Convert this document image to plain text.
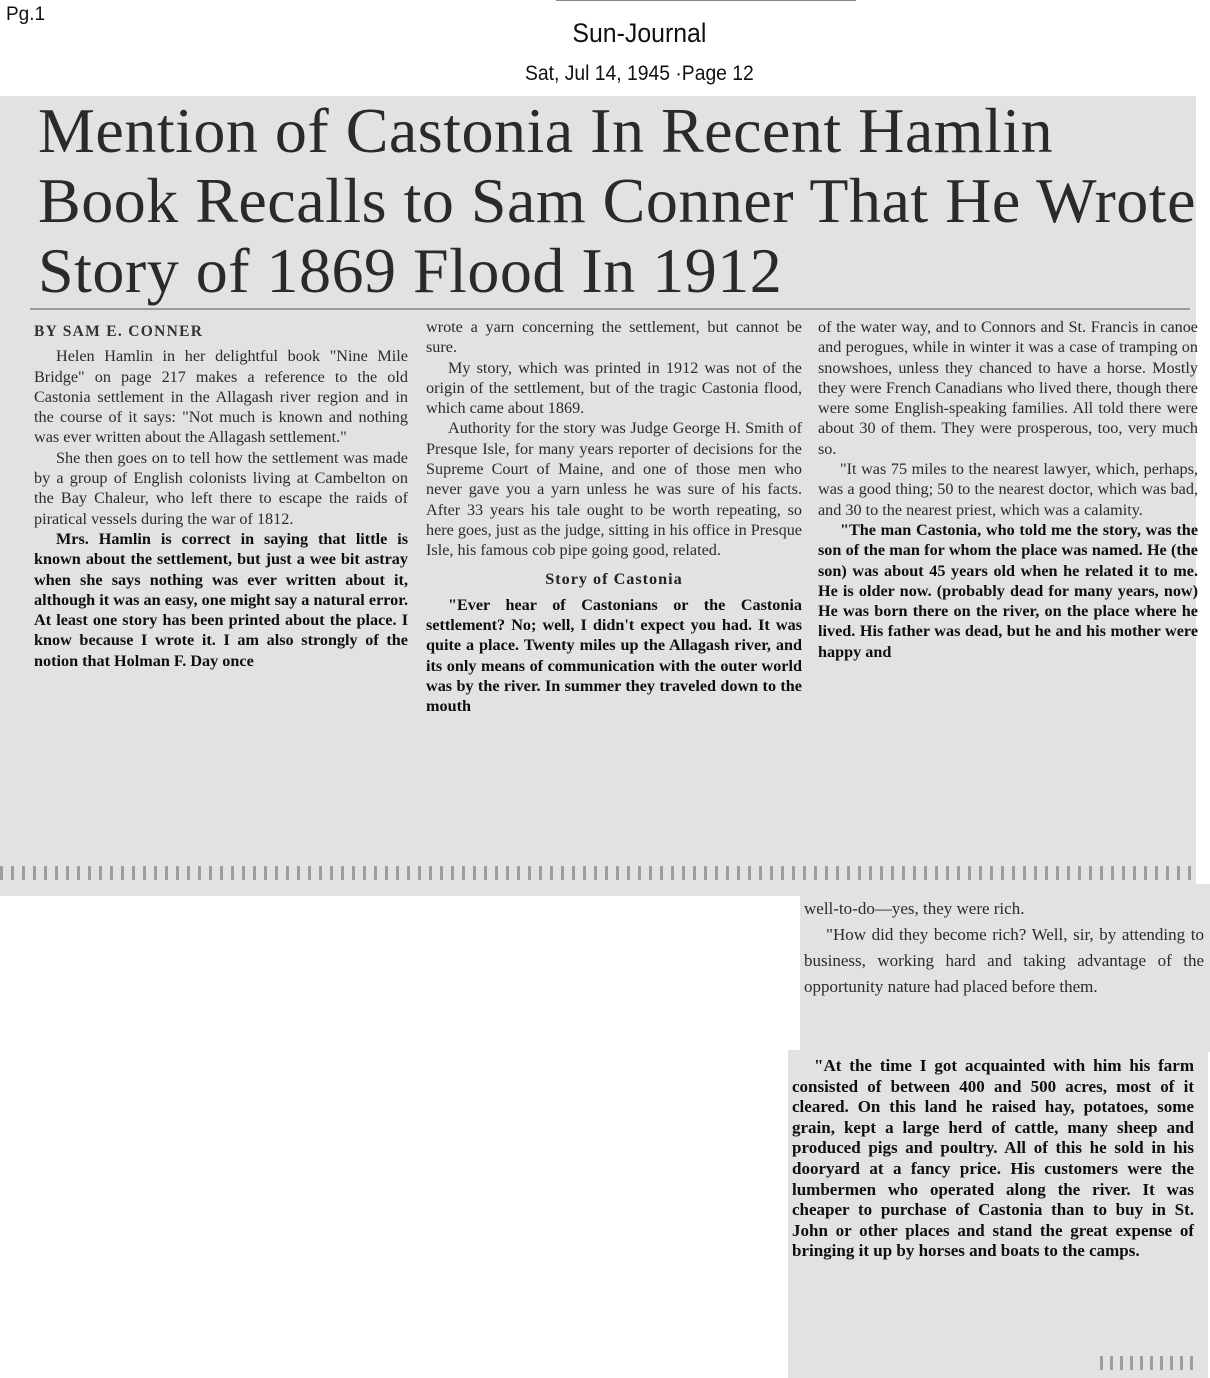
Pg.1
Sun-Journal
Sat, Jul 14, 1945 ·Page 12
Mention of Castonia In Recent Hamlin Book Recalls to Sam Conner That He Wrote Story of 1869 Flood In 1912

BY SAM E. CONNER

Helen Hamlin in her delightful book "Nine Mile Bridge" on page 217 makes a reference to the old Castonia settlement in the Allagash river region and in the course of it says: "Not much is known and nothing was ever written about the Allagash settlement."

She then goes on to tell how the settlement was made by a group of English colonists living at Cambelton on the Bay Chaleur, who left there to escape the raids of piratical vessels during the war of 1812.

Mrs. Hamlin is correct in saying that little is known about the settlement, but just a wee bit astray when she says nothing was ever written about it, although it was an easy, one might say a natural error. At least one story has been printed about the place. I know because I wrote it. I am also strongly of the notion that Holman F. Day once

wrote a yarn concerning the settlement, but cannot be sure.

My story, which was printed in 1912 was not of the origin of the settlement, but of the tragic Castonia flood, which came about 1869.

Authority for the story was Judge George H. Smith of Presque Isle, for many years reporter of decisions for the Supreme Court of Maine, and one of those men who never gave you a yarn unless he was sure of his facts. After 33 years his tale ought to be worth repeating, so here goes, just as the judge, sitting in his office in Presque Isle, his famous cob pipe going good, related.

Story of Castonia

"Ever hear of Castonians or the Castonia settlement? No; well, I didn't expect you had. It was quite a place. Twenty miles up the Allagash river, and its only means of communication with the outer world was by the river. In summer they traveled down to the mouth

of the water way, and to Connors and St. Francis in canoe and perogues, while in winter it was a case of tramping on snowshoes, unless they chanced to have a horse. Mostly they were French Canadians who lived there, though there were some English-speaking families. All told there were about 30 of them. They were prosperous, too, very much so.

"It was 75 miles to the nearest lawyer, which, perhaps, was a good thing; 50 to the nearest doctor, which was bad, and 30 to the nearest priest, which was a calamity.

"The man Castonia, who told me the story, was the son of the man for whom the place was named. He (the son) was about 45 years old when he related it to me. He is older now. (probably dead for many years, now) He was born there on the river, on the place where he lived. His father was dead, but he and his mother were happy and

well-to-do—yes, they were rich.

"How did they become rich? Well, sir, by attending to business, working hard and taking advantage of the opportunity nature had placed before them.

"At the time I got acquainted with him his farm consisted of between 400 and 500 acres, most of it cleared. On this land he raised hay, potatoes, some grain, kept a large herd of cattle, many sheep and produced pigs and poultry. All of this he sold in his dooryard at a fancy price. His customers were the lumbermen who operated along the river. It was cheaper to purchase of Castonia than to buy in St. John or other places and stand the great expense of bringing it up by horses and boats to the camps.
